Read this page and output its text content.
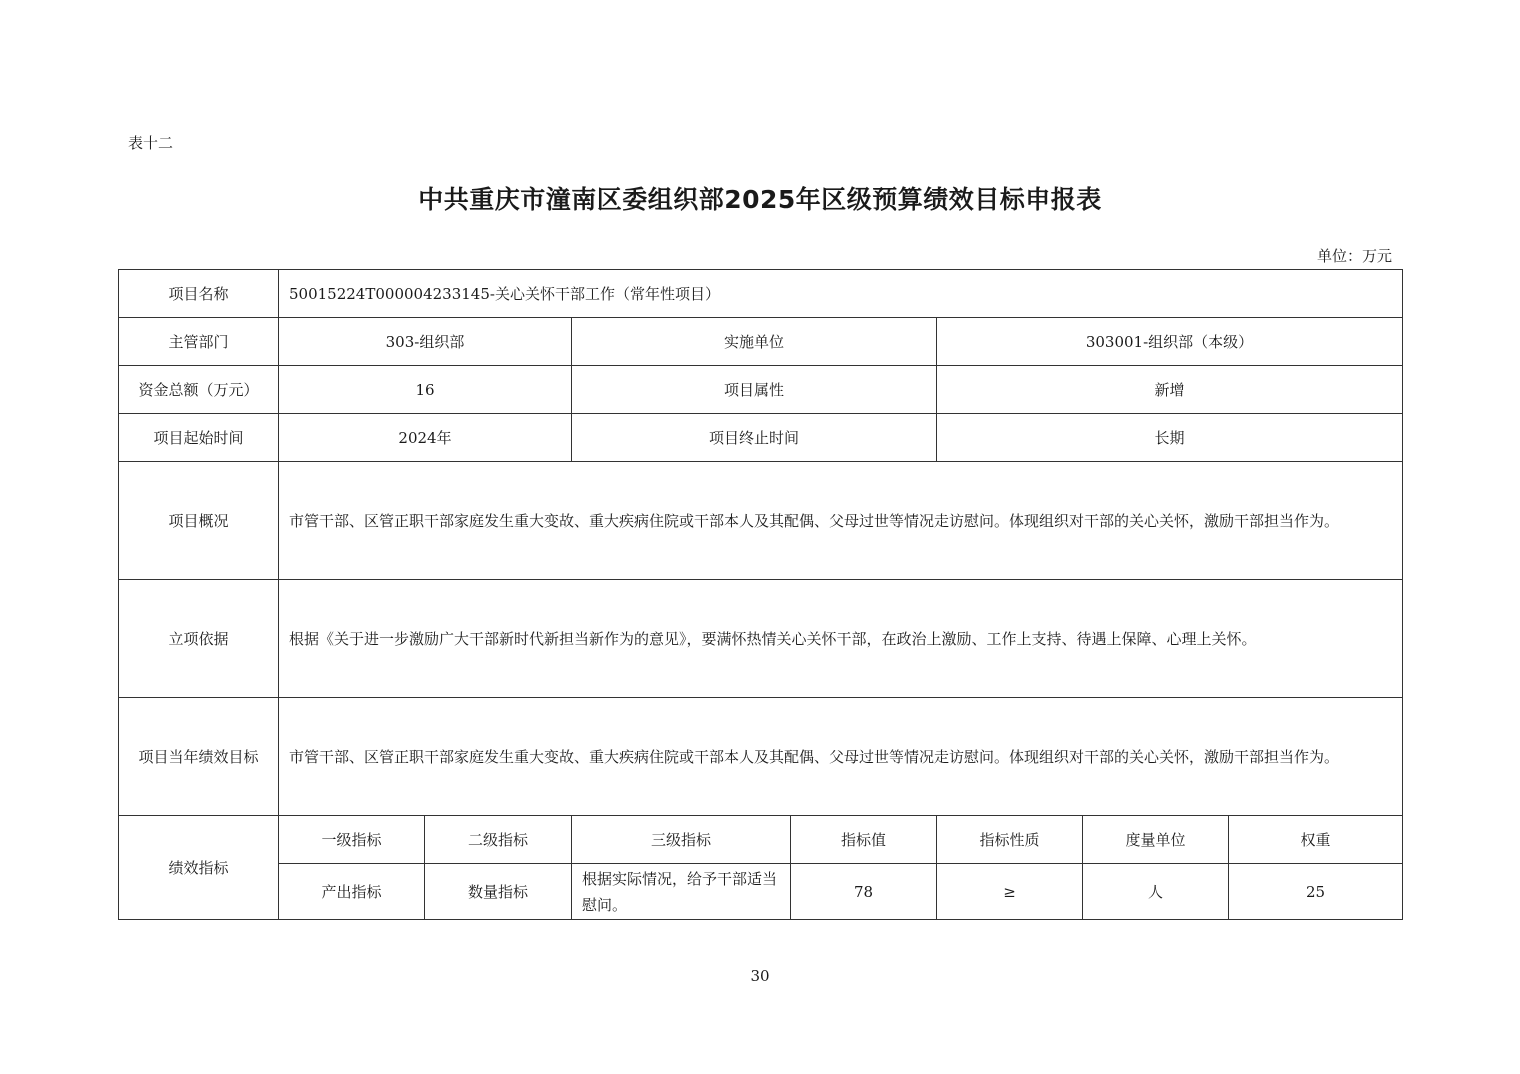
表十二
中共重庆市潼南区委组织部2025年区级预算绩效目标申报表
单位：万元
项目名称	50015224T000004233145-关心关怀干部工作（常年性项目）						
主管部门	303-组织部		实施单位		303001-组织部（本级）		
资金总额（万元）	16		项目属性		新增		
项目起始时间	2024年		项目终止时间		长期		
项目概况	市管干部、区管正职干部家庭发生重大变故、重大疾病住院或干部本人及其配偶、父母过世等情况走访慰问。体现组织对干部的关心关怀，激励干部担当作为。						
立项依据	根据《关于进一步激励广大干部新时代新担当新作为的意见》，要满怀热情关心关怀干部，在政治上激励、工作上支持、待遇上保障、心理上关怀。						
项目当年绩效目标	市管干部、区管正职干部家庭发生重大变故、重大疾病住院或干部本人及其配偶、父母过世等情况走访慰问。体现组织对干部的关心关怀，激励干部担当作为。						
绩效指标	一级指标	二级指标	三级指标	指标值	指标性质	度量单位	权重
	产出指标	数量指标	根据实际情况，给予干部适当慰问。	78	≥	人	25
30
